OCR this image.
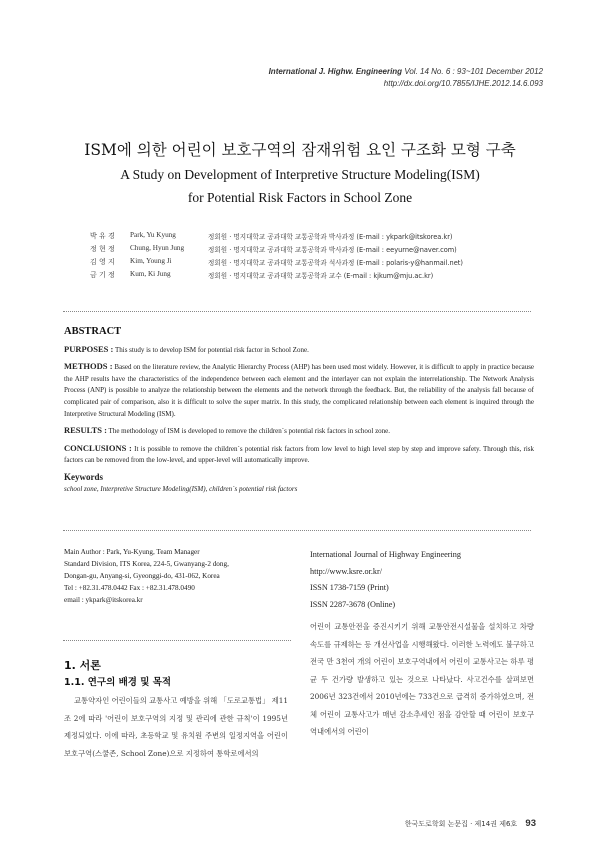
International J. Highw. Engineering Vol. 14 No. 6 : 93~101 December 2012
http://dx.doi.org/10.7855/IJHE.2012.14.6.093
ISM에 의한 어린이 보호구역의 잠재위험 요인 구조화 모형 구축
A Study on Development of Interpretive Structure Modeling(ISM)
for Potential Risk Factors in School Zone
박 유 경	Park, Yu Kyung	정회원 · 명지대학교 공과대학 교통공학과 박사과정 (E-mail : ykpark@itskorea.kr)
정 현 정	Chung, Hyun Jung	정회원 · 명지대학교 공과대학 교통공학과 박사과정 (E-mail : eeyurne@naver.com)
김 영 지	Kim, Young Ji	정회원 · 명지대학교 공과대학 교통공학과 석사과정 (E-mail : polaris-y@hanmail.net)
금 기 정	Kum, Ki Jung	정회원 · 명지대학교 공과대학 교통공학과 교수 (E-mail : kjkum@mju.ac.kr)
ABSTRACT

PURPOSES : This study is to develop ISM for potential risk factor in School Zone.

METHODS : Based on the literature review, the Analytic Hierarchy Process (AHP) has been used most widely. However, it is difficult to apply in practice because the AHP results have the characteristics of the independence between each element and the interlayer can not explain the interrelationship. The Network Analysis Process (ANP) is possible to analyze the relationship between the elements and the network through the feedback. But, the reliability of the analysis fall because of complicated pair of comparison, also it is difficult to solve the super matrix. In this study, the complicated relationship between each element is inquired through the Interpretive Structural Modeling (ISM).

RESULTS : The methodology of ISM is developed to remove the children`s potential risk factors in school zone.

CONCLUSIONS : It is possible to remove the children`s potential risk factors from low level to high level step by step and improve safety. Through this, risk factors can be removed from the low-level, and upper-level will automatically improve.

Keywords
school zone, Interpretive Structure Modeling(ISM), children`s potential risk factors
Main Author : Park, Yu-Kyung, Team Manager
Standard Division, ITS Korea, 224-5, Gwanyang-2 dong,
Dongan-gu, Anyang-si, Gyeonggi-do, 431-062, Korea
Tel : +82.31.478.0442 Fax : +82.31.478.0490
email : ykpark@itskorea.kr
International Journal of Highway Engineering
http://www.ksre.or.kr/
ISSN 1738-7159 (Print)
ISSN 2287-3678 (Online)
1. 서론
1.1. 연구의 배경 및 목적
교통약자인 어린이들의 교통사고 예방을 위해 「도로교통법」 제11조 2에 따라 '어린이 보호구역의 지정 및 관리에 관한 규칙'이 1995년 제정되었다. 이에 따라, 초등학교 및 유치원 주변의 일정지역을 어린이 보호구역(스쿨존, School Zone)으로 지정하여 통학로에서의
어린이 교통안전을 증진시키기 위해 교통안전시설물을 설치하고 차량속도를 규제하는 등 개선사업을 시행해왔다. 이러한 노력에도 불구하고 전국 만 3천여 개의 어린이 보호구역내에서 어린이 교통사고는 하루 평균 두 건가량 발생하고 있는 것으로 나타났다. 사고건수를 살펴보면 2006년 323건에서 2010년에는 733건으로 급격히 증가하였으며, 전체 어린이 교통사고가 매년 감소추세인 점을 감안할 때 어린이 보호구역내에서의 어린이
한국도로학회 논문집 · 제14권 제6호 93
